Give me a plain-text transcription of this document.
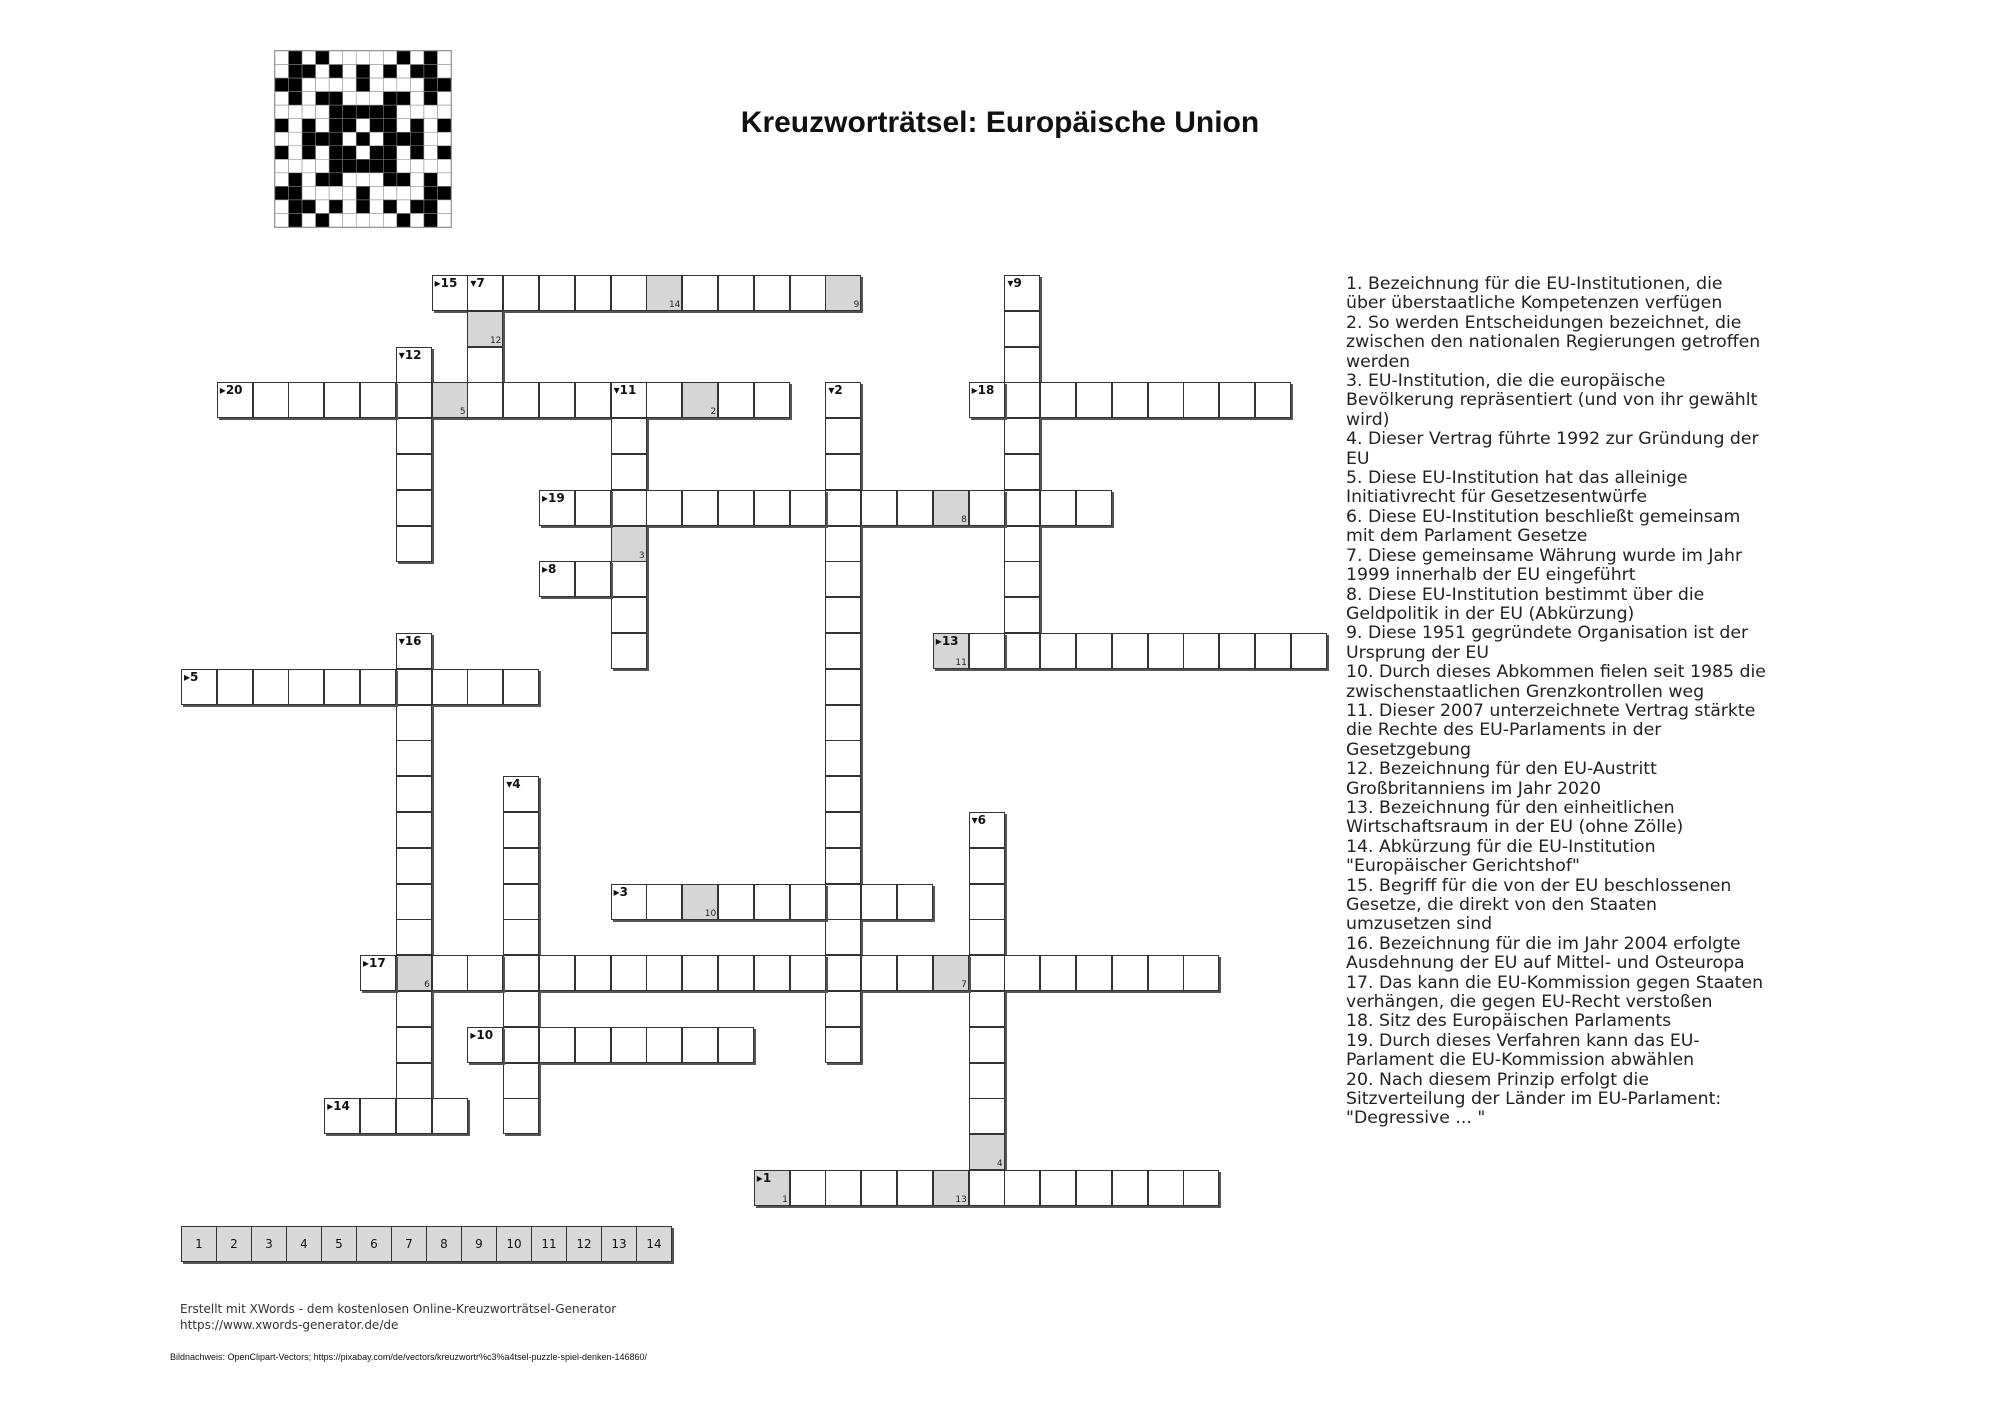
Kreuzworträtsel: Europäische Union
▸15 ▾7
14	9
12
▾9
▾12
▸20
5
▾11
2
3
▾2	▸18
▸19
8
▸8
▸13
11
▾16
6
▸5
▾4
▾6
4
▸3
10
▸17
7
▸10
▸14
▸1
1	13
1	2	3	4	5	6	7	8	9	10	11	12	13	14
1. Bezeichnung für die EU-Institutionen, die über überstaatliche Kompetenzen verfügen
2. So werden Entscheidungen bezeichnet, die zwischen den nationalen Regierungen getroffen werden
3. EU-Institution, die die europäische Bevölkerung repräsentiert (und von ihr gewählt wird)
4. Dieser Vertrag führte 1992 zur Gründung der EU
5. Diese EU-Institution hat das alleinige Initiativrecht für Gesetzesentwürfe
6. Diese EU-Institution beschließt gemeinsam mit dem Parlament Gesetze
7. Diese gemeinsame Währung wurde im Jahr 1999 innerhalb der EU eingeführt
8. Diese EU-Institution bestimmt über die Geldpolitik in der EU (Abkürzung)
9. Diese 1951 gegründete Organisation ist der Ursprung der EU
10. Durch dieses Abkommen fielen seit 1985 die zwischenstaatlichen Grenzkontrollen weg
11. Dieser 2007 unterzeichnete Vertrag stärkte die Rechte des EU-Parlaments in der Gesetzgebung
12. Bezeichnung für den EU-Austritt Großbritanniens im Jahr 2020
13. Bezeichnung für den einheitlichen Wirtschaftsraum in der EU (ohne Zölle)
14. Abkürzung für die EU-Institution "Europäischer Gerichtshof"
15. Begriff für die von der EU beschlossenen Gesetze, die direkt von den Staaten umzusetzen sind
16. Bezeichnung für die im Jahr 2004 erfolgte Ausdehnung der EU auf Mittel- und Osteuropa
17. Das kann die EU-Kommission gegen Staaten verhängen, die gegen EU-Recht verstoßen
18. Sitz des Europäischen Parlaments
19. Durch dieses Verfahren kann das EU-Parlament die EU-Kommission abwählen
20. Nach diesem Prinzip erfolgt die Sitzverteilung der Länder im EU-Parlament: "Degressive ... "
Erstellt mit XWords - dem kostenlosen Online-Kreuzworträtsel-Generator
https://www.xwords-generator.de/de
Bildnachweis: OpenClipart-Vectors; https://pixabay.com/de/vectors/kreuzwortr%c3%a4tsel-puzzle-spiel-denken-146860/
